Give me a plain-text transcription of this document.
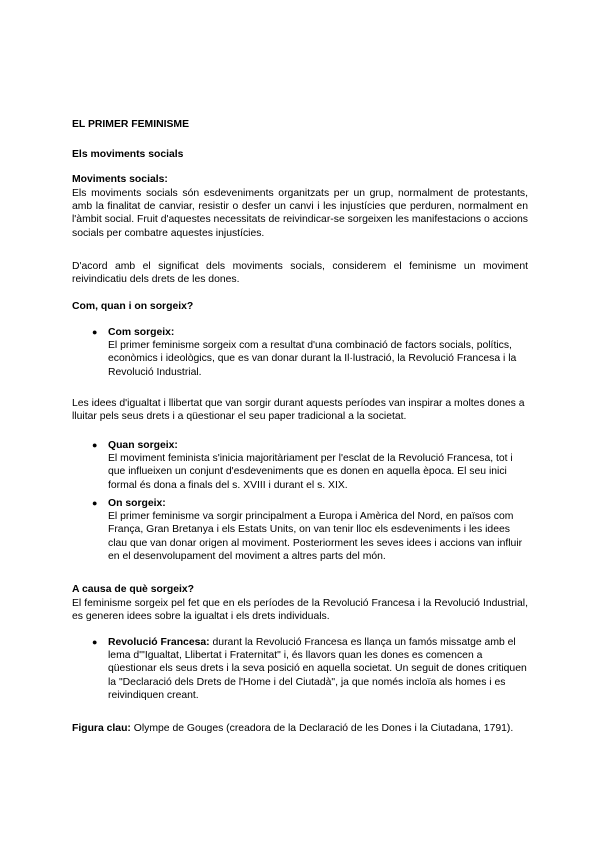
EL PRIMER FEMINISME

Els moviments socials

Moviments socials:

Els moviments socials són esdeveniments organitzats per un grup, normalment de protestants, amb la finalitat de canviar, resistir o desfer un canvi i les injustícies que perduren, normalment en l'àmbit social. Fruit d'aquestes necessitats de reivindicar-se sorgeixen les manifestacions o accions socials per combatre aquestes injustícies.

D'acord amb el significat dels moviments socials, considerem el feminisme un moviment reivindicatiu dels drets de les dones.

Com, quan i on sorgeix?

● Com sorgeix:

El primer feminisme sorgeix com a resultat d'una combinació de factors socials, polítics, econòmics i ideològics, que es van donar durant la Il·lustració, la Revolució Francesa i la Revolució Industrial.

Les idees d'igualtat i llibertat que van sorgir durant aquests períodes van inspirar a moltes dones a lluitar pels seus drets i a qüestionar el seu paper tradicional a la societat.

● Quan sorgeix:

El moviment feminista s'inicia majoritàriament per l'esclat de la Revolució Francesa, tot i que influeixen un conjunt d'esdeveniments que es donen en aquella època. El seu inici formal és dona a finals del s. XVIII i durant el s. XIX.

● On sorgeix:

El primer feminisme va sorgir principalment a Europa i Amèrica del Nord, en països com França, Gran Bretanya i els Estats Units, on van tenir lloc els esdeveniments i les idees clau que van donar origen al moviment. Posteriorment les seves idees i accions van influir en el desenvolupament del moviment a altres parts del món.

A causa de què sorgeix?

El feminisme sorgeix pel fet que en els períodes de la Revolució Francesa i la Revolució Industrial, es generen idees sobre la igualtat i els drets individuals.

● Revolució Francesa: durant la Revolució Francesa es llança un famós missatge amb el lema d'"Igualtat, Llibertat i Fraternitat" i, és llavors quan les dones es comencen a qüestionar els seus drets i la seva posició en aquella societat. Un seguit de dones critiquen la "Declaració dels Drets de l'Home i del Ciutadà", ja que només incloïa als homes i es reivindiquen creant.

Figura clau: Olympe de Gouges (creadora de la Declaració de les Dones i la Ciutadana, 1791).
